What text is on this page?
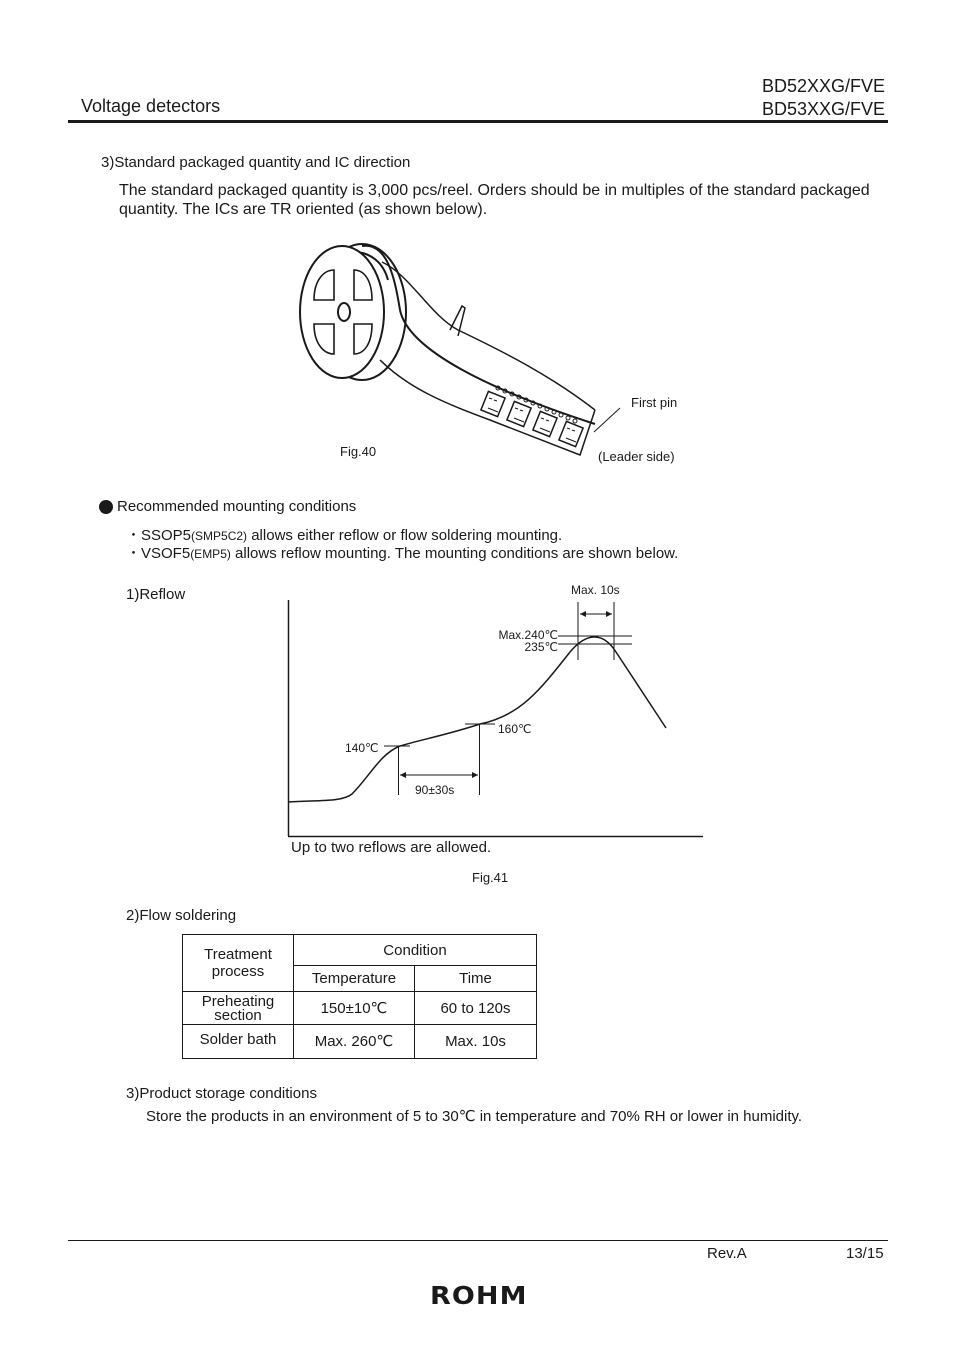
Voltage detectors
BD52XXG/FVE
BD53XXG/FVE
3)Standard packaged quantity and IC direction
The standard packaged quantity is 3,000 pcs/reel. Orders should be in multiples of the standard packaged
quantity. The ICs are TR oriented (as shown below).
First pin
Fig.40	(Leader side)
Recommended mounting conditions
・SSOP5(SMP5C2) allows either reflow or flow soldering mounting.
・VSOF5(EMP5) allows reflow mounting. The mounting conditions are shown below.
1)Reflow	Max. 10s
Max.240℃
235℃
160℃
140℃
90±30s
Up to two reflows are allowed.
Fig.41
2)Flow soldering
Treatment
process	Condition	
	Temperature	Time

Preheating
section	150±10℃	60 to 120s
Solder bath	Max. 260℃	Max. 10s
3)Product storage conditions
Store the products in an environment of 5 to 30℃ in temperature and 70% RH or lower in humidity.
Rev.A	13/15
ROHM
